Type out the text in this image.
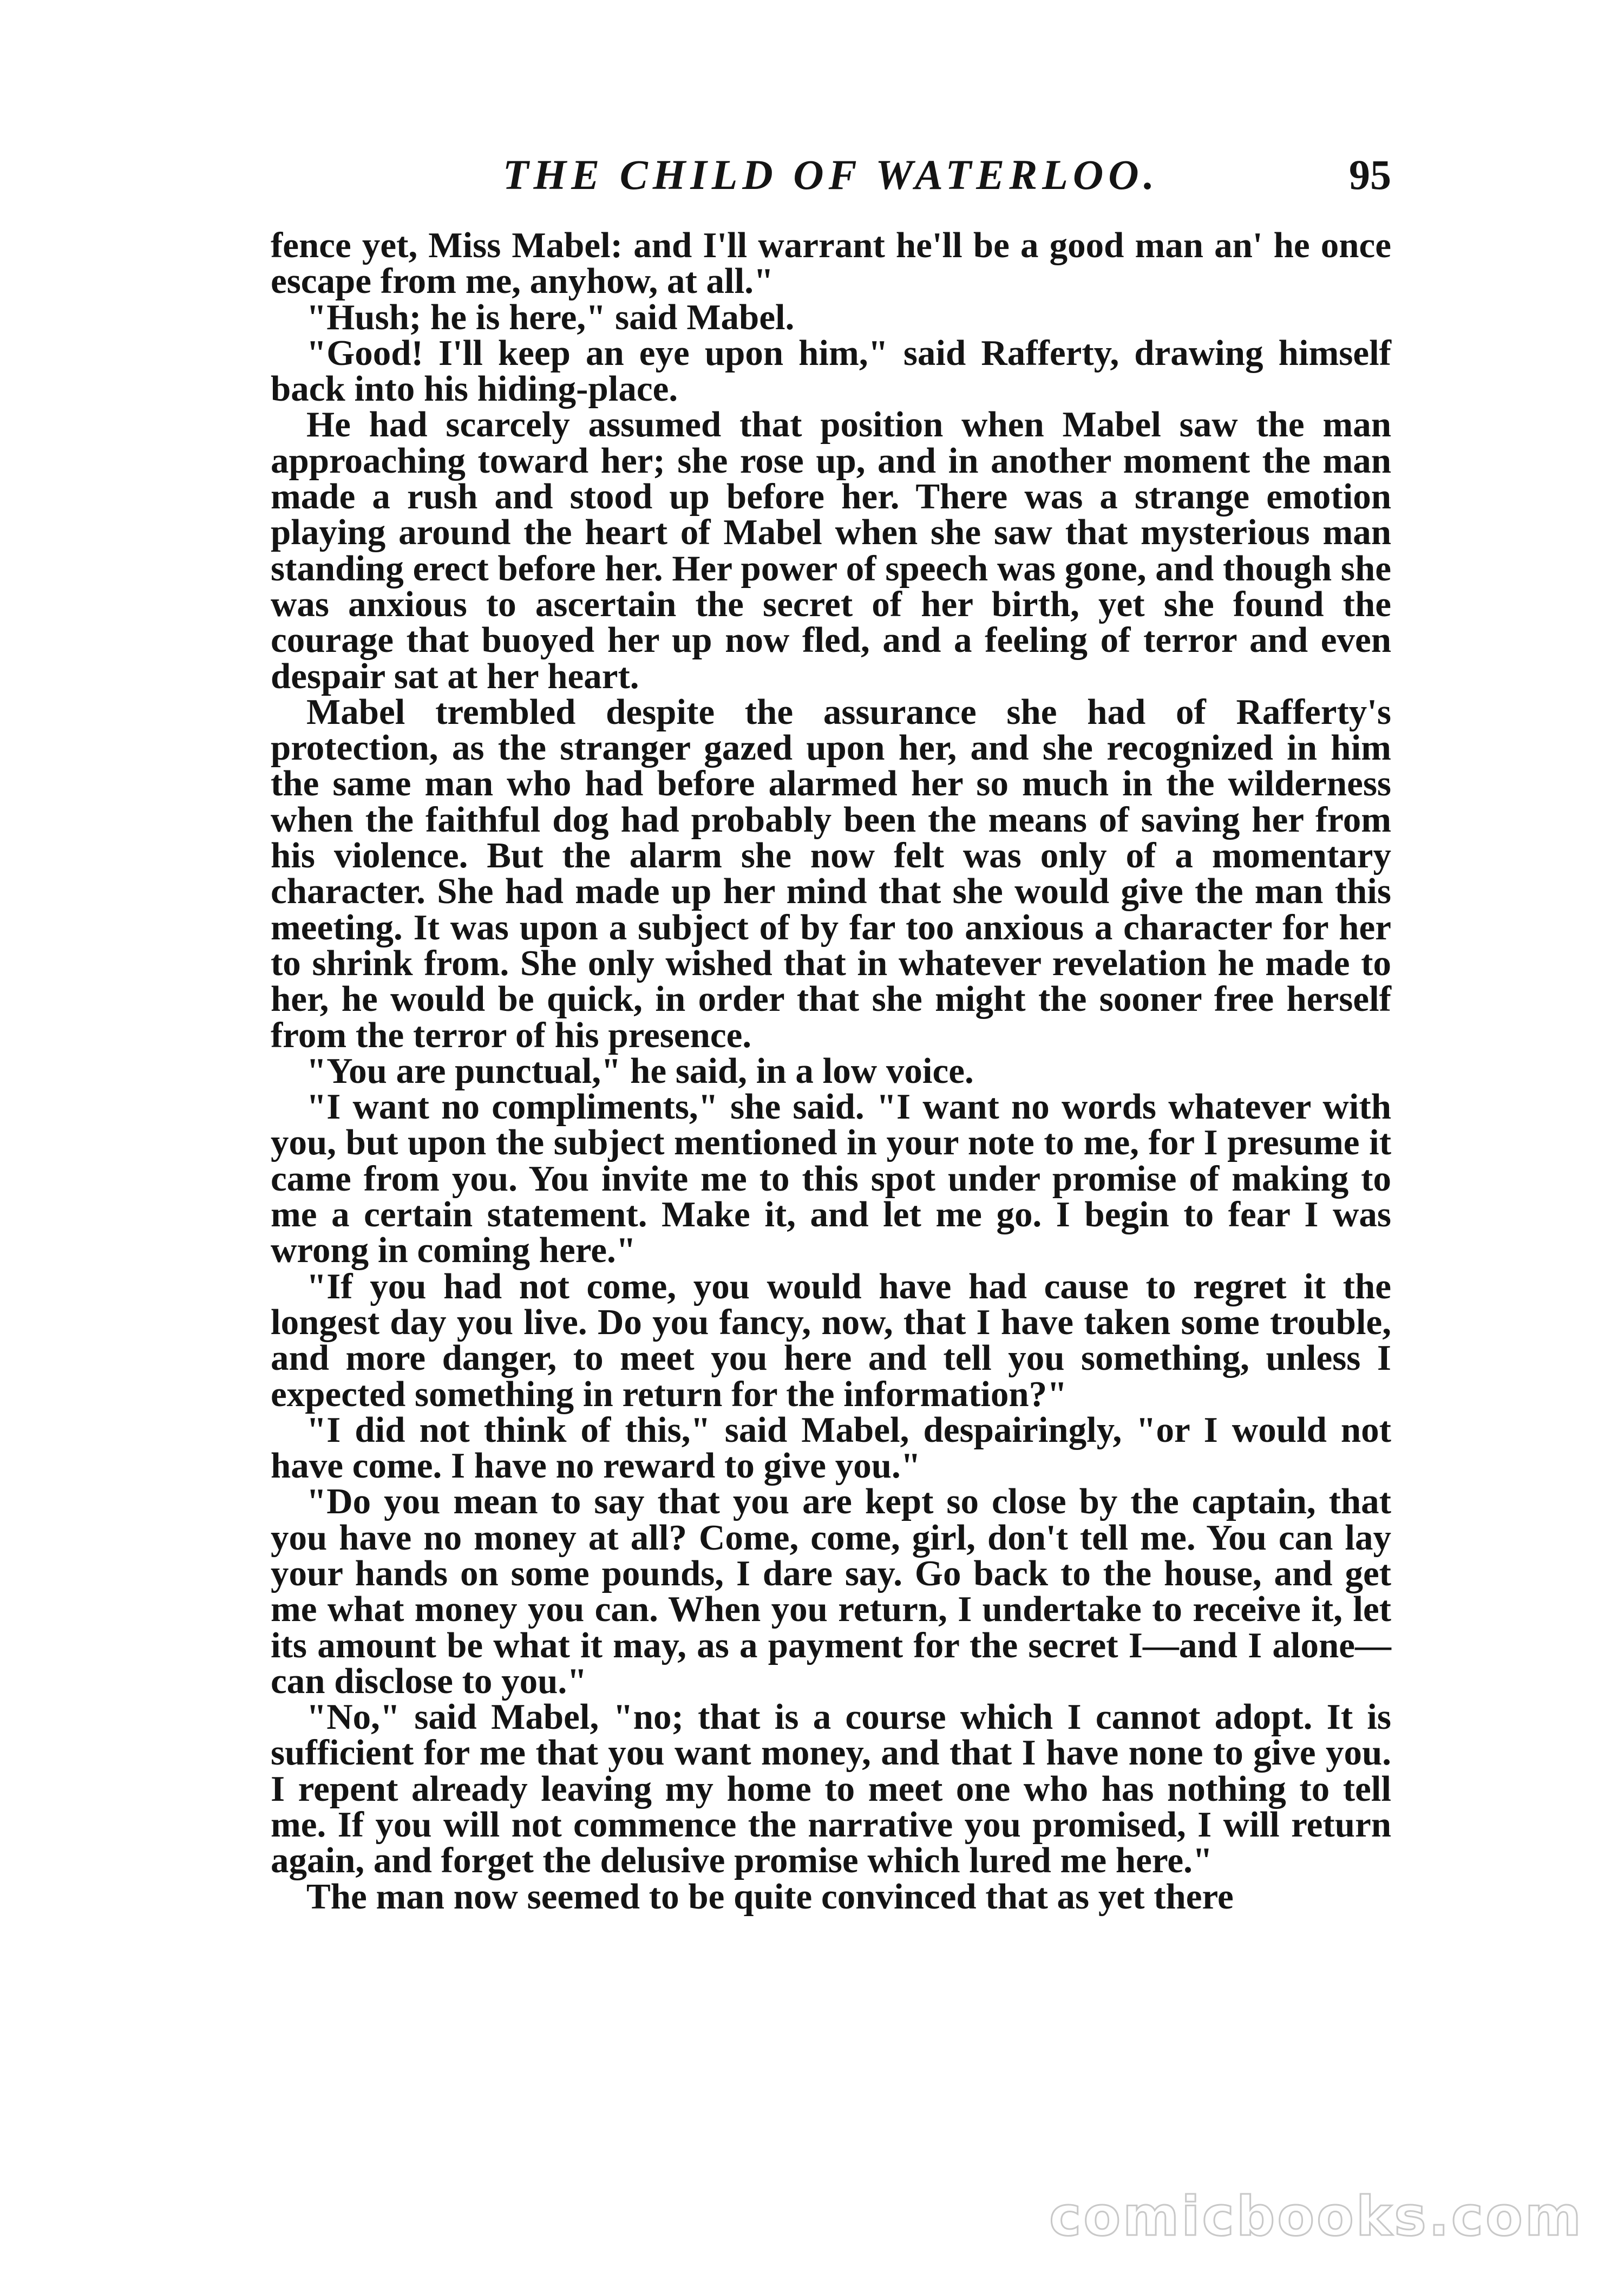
THE CHILD OF WATERLOO.	95

fence yet, Miss Mabel: and I'll warrant he'll be a good man an' he once escape from me, anyhow, at all."

"Hush; he is here," said Mabel.

"Good! I'll keep an eye upon him," said Rafferty, drawing himself back into his hiding-place.

He had scarcely assumed that position when Mabel saw the man approaching toward her; she rose up, and in another moment the man made a rush and stood up before her. There was a strange emotion playing around the heart of Mabel when she saw that mysterious man standing erect before her. Her power of speech was gone, and though she was anxious to ascertain the secret of her birth, yet she found the courage that buoyed her up now fled, and a feeling of terror and even despair sat at her heart.

Mabel trembled despite the assurance she had of Rafferty's protection, as the stranger gazed upon her, and she recognized in him the same man who had before alarmed her so much in the wilderness when the faithful dog had probably been the means of saving her from his violence. But the alarm she now felt was only of a momentary character. She had made up her mind that she would give the man this meeting. It was upon a subject of by far too anxious a character for her to shrink from. She only wished that in whatever revelation he made to her, he would be quick, in order that she might the sooner free herself from the terror of his presence.

"You are punctual," he said, in a low voice.

"I want no compliments," she said. "I want no words whatever with you, but upon the subject mentioned in your note to me, for I presume it came from you. You invite me to this spot under promise of making to me a certain statement. Make it, and let me go. I begin to fear I was wrong in coming here."

"If you had not come, you would have had cause to regret it the longest day you live. Do you fancy, now, that I have taken some trouble, and more danger, to meet you here and tell you something, unless I expected something in return for the information?"

"I did not think of this," said Mabel, despairingly, "or I would not have come. I have no reward to give you."

"Do you mean to say that you are kept so close by the captain, that you have no money at all? Come, come, girl, don't tell me. You can lay your hands on some pounds, I dare say. Go back to the house, and get me what money you can. When you return, I undertake to receive it, let its amount be what it may, as a payment for the secret I—and I alone—can disclose to you."

"No," said Mabel, "no; that is a course which I cannot adopt. It is sufficient for me that you want money, and that I have none to give you. I repent already leaving my home to meet one who has nothing to tell me. If you will not commence the narrative you promised, I will return again, and forget the delusive promise which lured me here."

The man now seemed to be quite convinced that as yet there

comicbooks.com
